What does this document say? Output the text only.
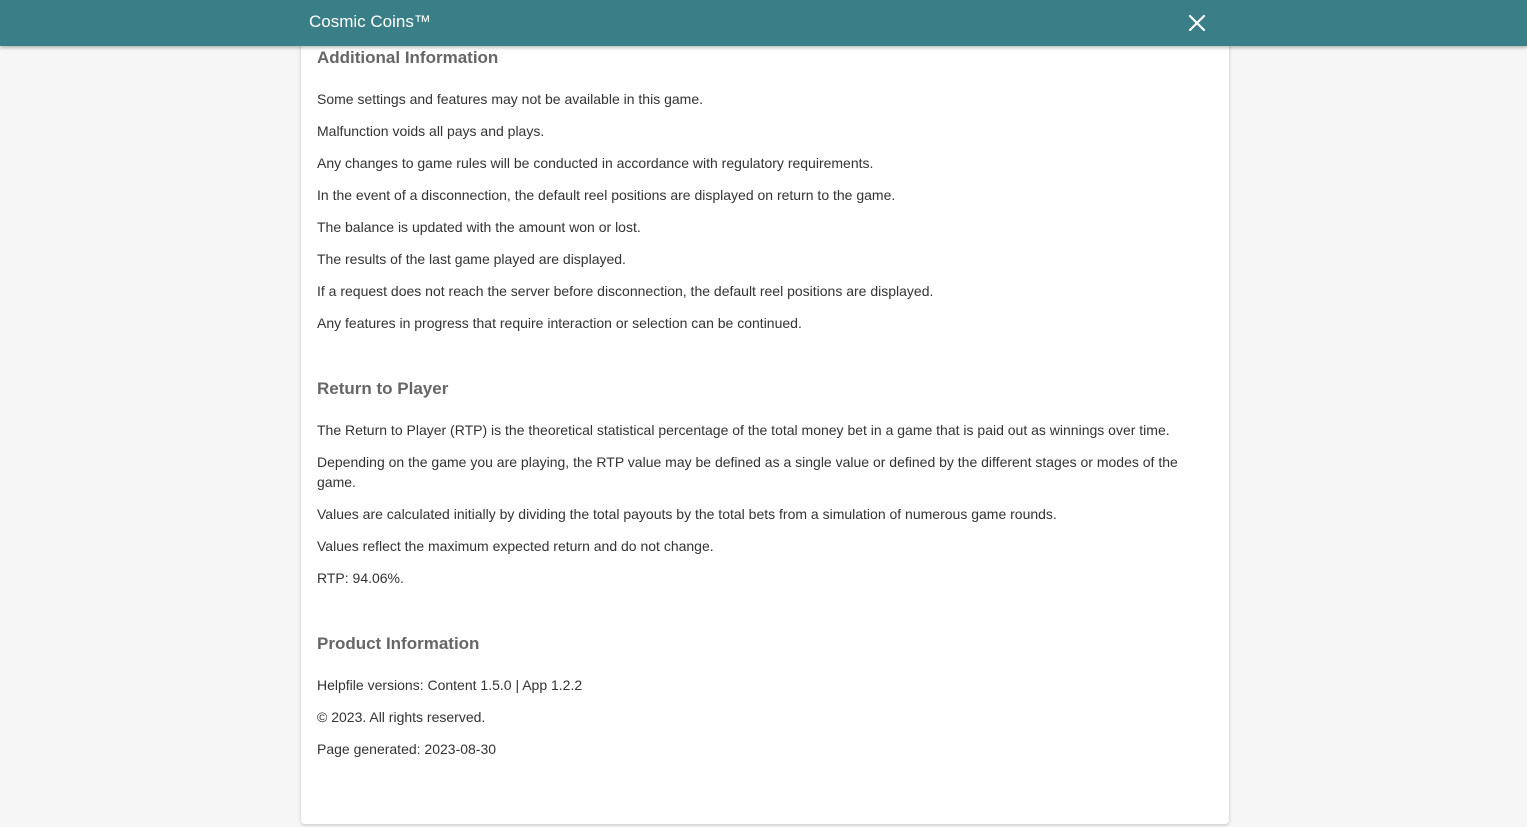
Additional Information

Some settings and features may not be available in this game.

Malfunction voids all pays and plays.

Any changes to game rules will be conducted in accordance with regulatory requirements.

In the event of a disconnection, the default reel positions are displayed on return to the game.

The balance is updated with the amount won or lost.

The results of the last game played are displayed.

If a request does not reach the server before disconnection, the default reel positions are displayed.

Any features in progress that require interaction or selection can be continued.

Return to Player

The Return to Player (RTP) is the theoretical statistical percentage of the total money bet in a game that is paid out as winnings over time.

Depending on the game you are playing, the RTP value may be defined as a single value or defined by the different stages or modes of the game.

Values are calculated initially by dividing the total payouts by the total bets from a simulation of numerous game rounds.

Values reflect the maximum expected return and do not change.

RTP: 94.06%.

Product Information

Helpfile versions: Content 1.5.0 | App 1.2.2

© 2023. All rights reserved.

Page generated: 2023-08-30

Cosmic Coins™
